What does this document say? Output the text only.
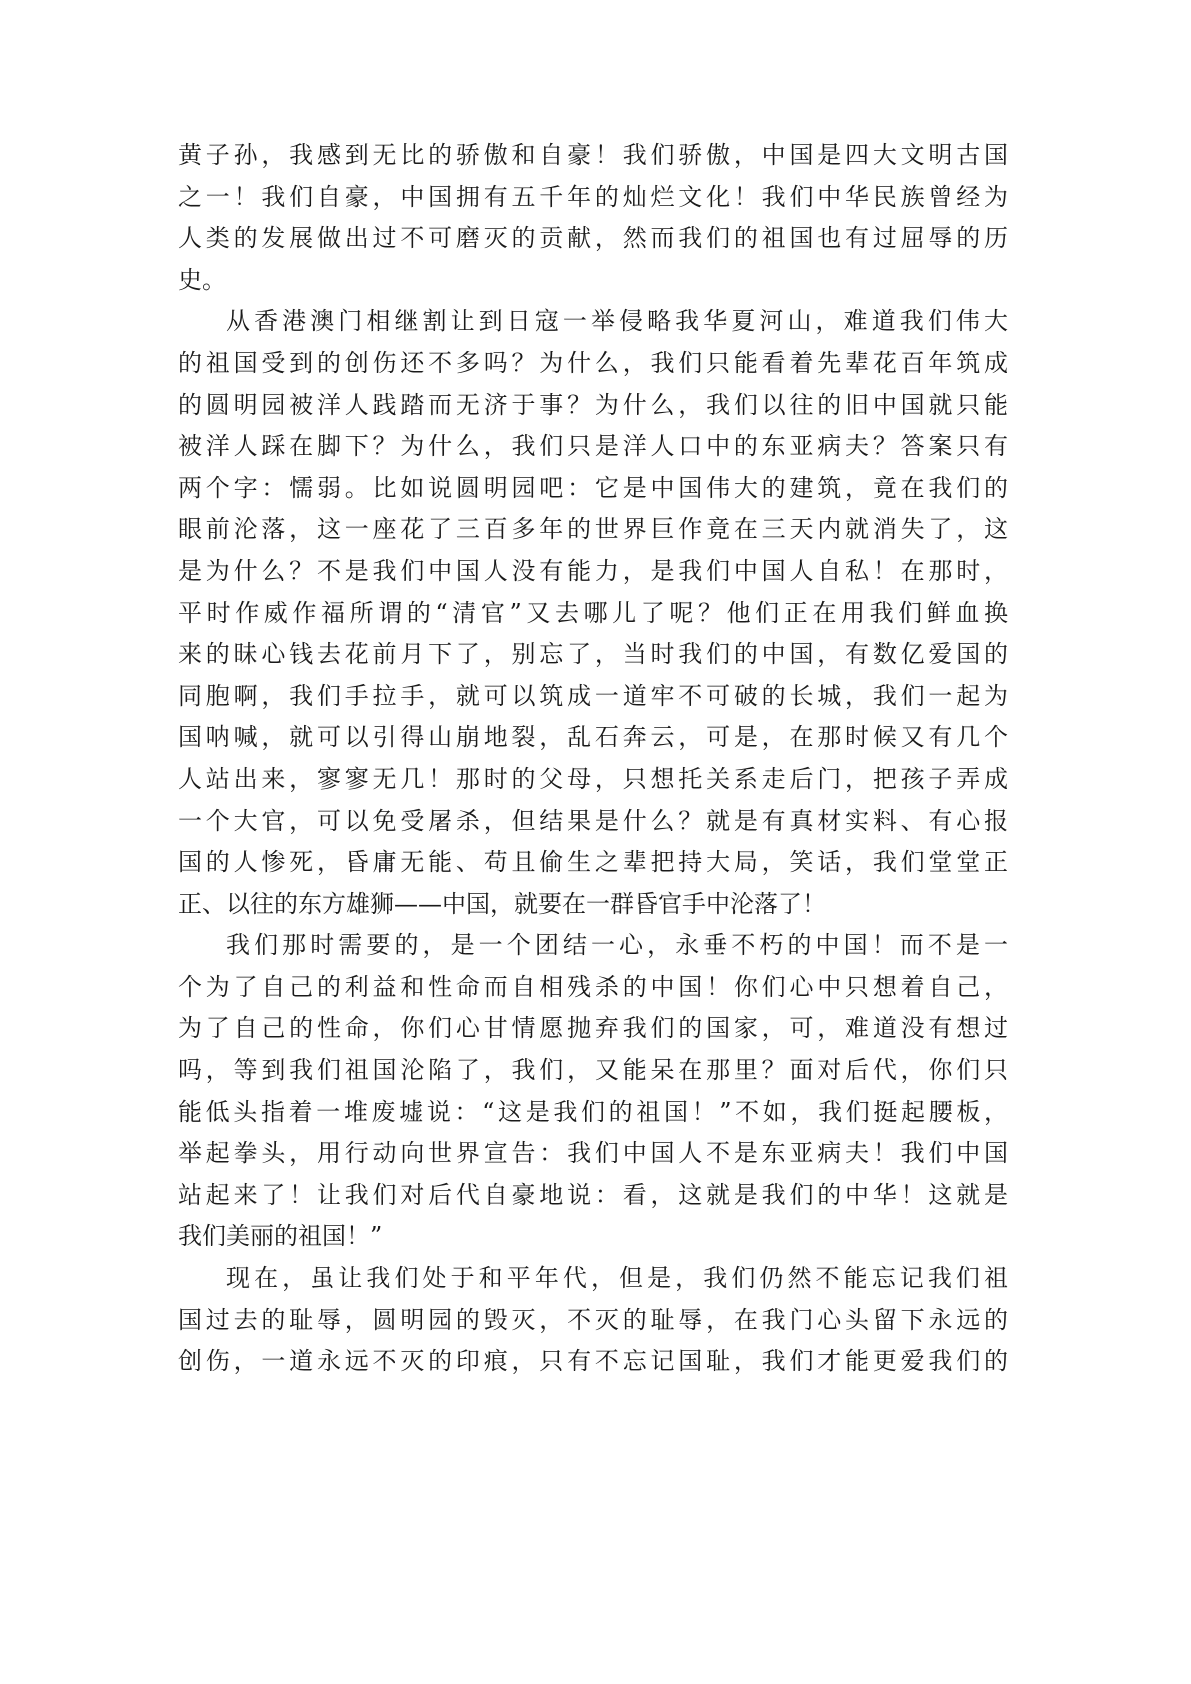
黄子孙，我感到无比的骄傲和自豪！我们骄傲，中国是四大文明古国
之一！我们自豪，中国拥有五千年的灿烂文化！我们中华民族曾经为
人类的发展做出过不可磨灭的贡献，然而我们的祖国也有过屈辱的历
史。
从香港澳门相继割让到日寇一举侵略我华夏河山，难道我们伟大
的祖国受到的创伤还不多吗？为什么，我们只能看着先辈花百年筑成
的圆明园被洋人践踏而无济于事？为什么，我们以往的旧中国就只能
被洋人踩在脚下？为什么，我们只是洋人口中的东亚病夫？答案只有
两个字：懦弱。比如说圆明园吧：它是中国伟大的建筑，竟在我们的
眼前沦落，这一座花了三百多年的世界巨作竟在三天内就消失了，这
是为什么？不是我们中国人没有能力，是我们中国人自私！在那时，
平时作威作福所谓的“清官”又去哪儿了呢？他们正在用我们鲜血换
来的昧心钱去花前月下了，别忘了，当时我们的中国，有数亿爱国的
同胞啊，我们手拉手，就可以筑成一道牢不可破的长城，我们一起为
国呐喊，就可以引得山崩地裂，乱石奔云，可是，在那时候又有几个
人站出来，寥寥无几！那时的父母，只想托关系走后门，把孩子弄成
一个大官，可以免受屠杀，但结果是什么？就是有真材实料、有心报
国的人惨死，昏庸无能、苟且偷生之辈把持大局，笑话，我们堂堂正
正、以往的东方雄狮——中国，就要在一群昏官手中沦落了！
我们那时需要的，是一个团结一心，永垂不朽的中国！而不是一
个为了自己的利益和性命而自相残杀的中国！你们心中只想着自己，
为了自己的性命，你们心甘情愿抛弃我们的国家，可，难道没有想过
吗，等到我们祖国沦陷了，我们，又能呆在那里？面对后代，你们只
能低头指着一堆废墟说：“这是我们的祖国！”不如，我们挺起腰板，
举起拳头，用行动向世界宣告：我们中国人不是东亚病夫！我们中国
站起来了！让我们对后代自豪地说：看，这就是我们的中华！这就是
我们美丽的祖国！”
现在，虽让我们处于和平年代，但是，我们仍然不能忘记我们祖
国过去的耻辱，圆明园的毁灭，不灭的耻辱，在我门心头留下永远的
创伤，一道永远不灭的印痕，只有不忘记国耻，我们才能更爱我们的
